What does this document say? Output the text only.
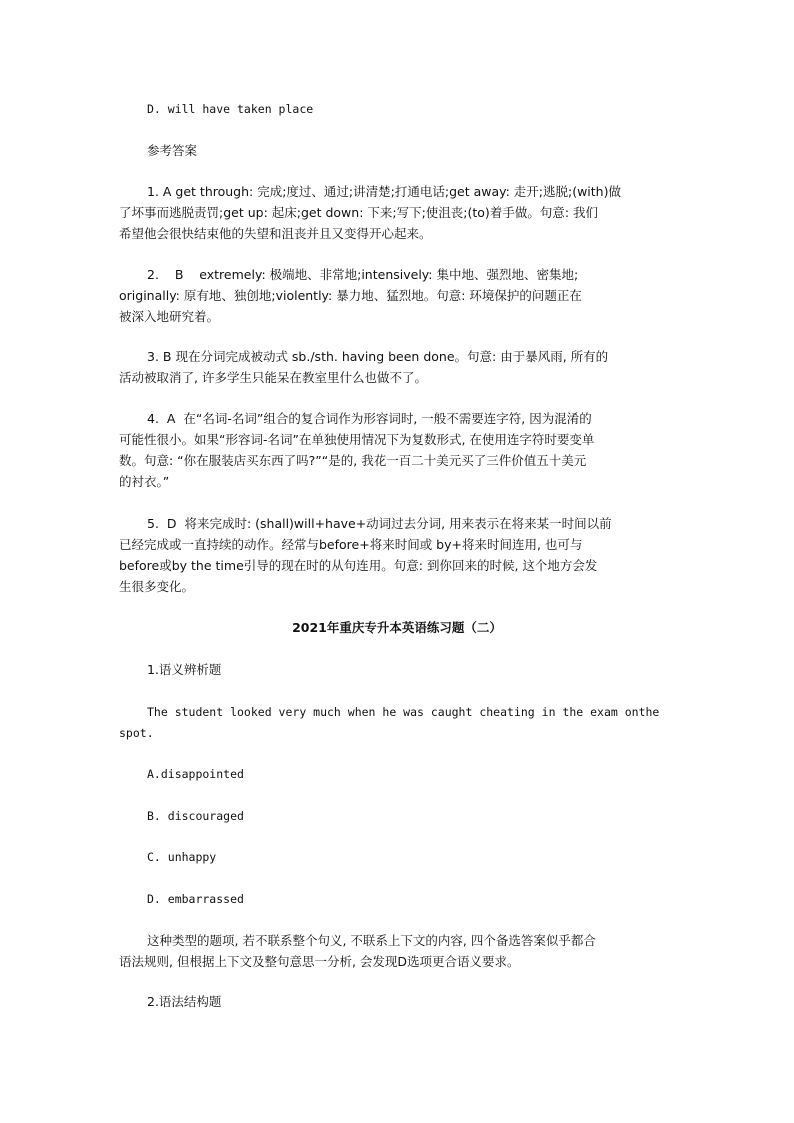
D. will have taken place

参考答案

1. A get through: 完成;度过、通过;讲清楚;打通电话;get away: 走开;逃脱;(with)做
了坏事而逃脱责罚;get up: 起床;get down: 下来;写下;使沮丧;(to)着手做。句意: 我们
希望他会很快结束他的失望和沮丧并且又变得开心起来。

2.    B    extremely: 极端地、非常地;intensively: 集中地、强烈地、密集地;
originally: 原有地、独创地;violently: 暴力地、猛烈地。句意: 环境保护的问题正在
被深入地研究着。

3. B 现在分词完成被动式 sb./sth. having been done。句意: 由于暴风雨, 所有的
活动被取消了, 许多学生只能呆在教室里什么也做不了。

4.  A  在“名词-名词”组合的复合词作为形容词时, 一般不需要连字符, 因为混淆的
可能性很小。如果“形容词-名词”在单独使用情况下为复数形式, 在使用连字符时要变单
数。句意: “你在服装店买东西了吗?”“是的, 我花一百二十美元买了三件价值五十美元
的衬衣。”

5.  D  将来完成时: (shall)will+have+动词过去分词, 用来表示在将来某一时间以前
已经完成或一直持续的动作。经常与before+将来时间或 by+将来时间连用, 也可与
before或by the time引导的现在时的从句连用。句意: 到你回来的时候, 这个地方会发
生很多变化。

2021年重庆专升本英语练习题（二）

1.语义辨析题

The student looked very much when he was caught cheating in the exam onthe
spot.

A.disappointed

B. discouraged

C. unhappy

D. embarrassed

这种类型的题项, 若不联系整个句义, 不联系上下文的内容, 四个备选答案似乎都合
语法规则, 但根据上下文及整句意思一分析, 会发现D选项更合语义要求。

2.语法结构题
